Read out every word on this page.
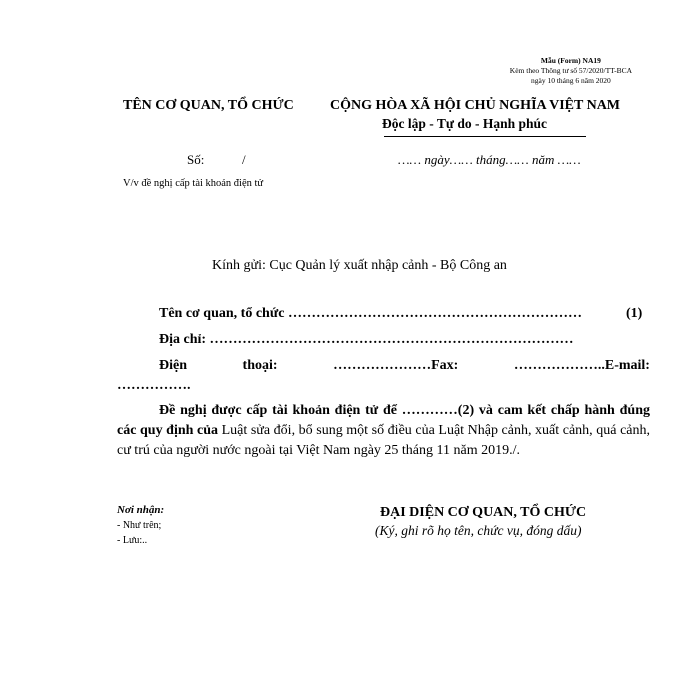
Mẫu (Form) NA19
Kèm theo Thông tư số 57/2020/TT-BCA
ngày 10 tháng 6 năm 2020
TÊN CƠ QUAN, TỔ CHỨC	CỘNG HÒA XÃ HỘI CHỦ NGHĨA VIỆT NAM
Độc lập - Tự do - Hạnh phúc
Số:	/	…… ngày…… tháng…… năm ……
V/v đề nghị cấp tài khoản điện tử
Kính gửi: Cục Quản lý xuất nhập cảnh - Bộ Công an
Tên cơ quan, tổ chức ………………………………………………………	(1)
Địa chỉ: ……………………………………………………………………
Điện	thoại:	…………………Fax:	………………..E-mail:
…………….
Đề nghị được cấp tài khoản điện tử để …………(2) và cam kết chấp hành đúng các quy định của Luật sửa đổi, bổ sung một số điều của Luật Nhập cảnh, xuất cảnh, quá cảnh, cư trú của người nước ngoài tại Việt Nam ngày 25 tháng 11 năm 2019./.
Nơi nhận:
- Như trên;
- Lưu:..
ĐẠI DIỆN CƠ QUAN, TỔ CHỨC
(Ký, ghi rõ họ tên, chức vụ, đóng dấu)
